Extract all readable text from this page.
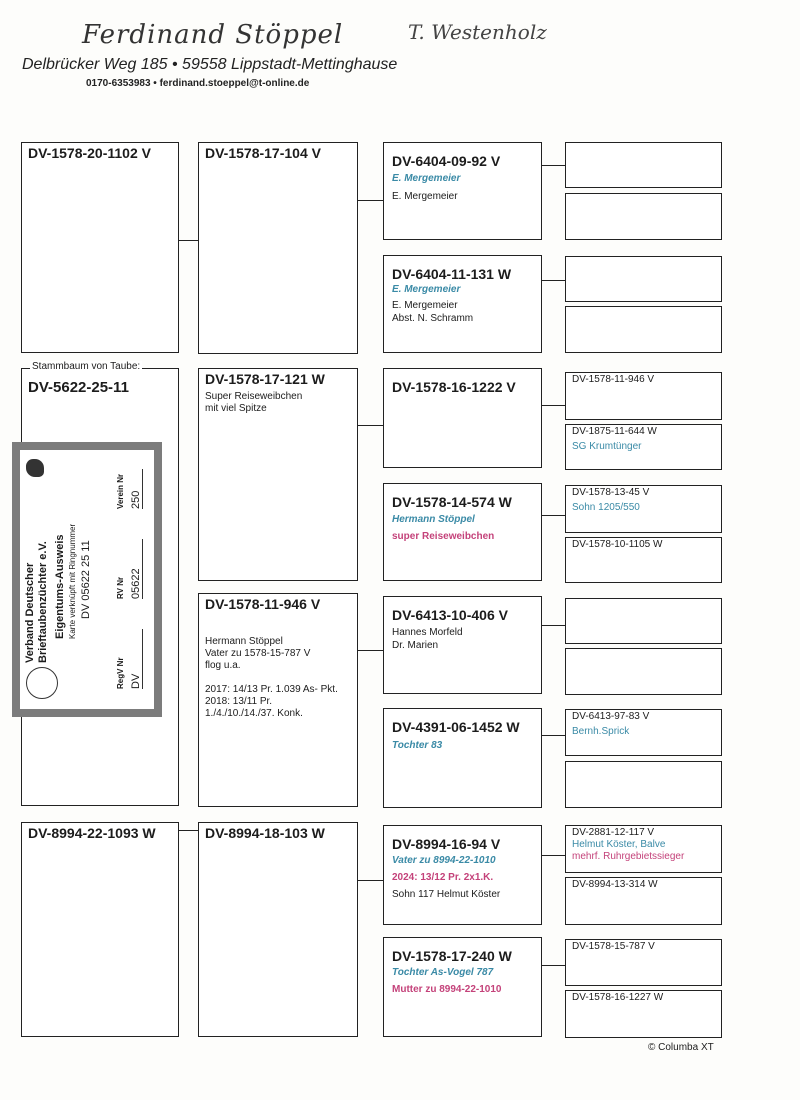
Ferdinand Stöppel	T. Westenholz
Delbrücker Weg 185 • 59558 Lippstadt-Mettinghause
0170-6353983 • ferdinand.stoeppel@t-online.de
DV-1578-20-1102 V
Stammbaum von Taube:
DV-5622-25-11
DV-8994-22-1093 W
Verband Deutscher Brieftaubenzüchter e.V. Eigentums-Ausweis Karte verknüpft mit Ringnummer DV 05622 25 11
RegV Nr
RV Nr
Verein Nr
DV
05622
250
DV-1578-17-104 V
DV-1578-17-121 W
Super Reiseweibchen
mit viel Spitze
DV-1578-11-946 V
Hermann Stöppel
Vater zu 1578-15-787 V
flog u.a.
2017: 14/13 Pr. 1.039 As- Pkt.
2018: 13/11 Pr.
1./4./10./14./37. Konk.
DV-8994-18-103 W
DV-6404-09-92 V
E. Mergemeier
E. Mergemeier
DV-6404-11-131 W
E. Mergemeier
E. Mergemeier
Abst. N. Schramm
DV-1578-16-1222 V
DV-1578-14-574 W
Hermann Stöppel
super Reiseweibchen
DV-6413-10-406 V
Hannes Morfeld
Dr. Marien
DV-4391-06-1452 W
Tochter 83
DV-8994-16-94 V
Vater zu 8994-22-1010
2024: 13/12 Pr. 2x1.K.
Sohn 117 Helmut Köster
DV-1578-17-240 W
Tochter As-Vogel 787
Mutter zu 8994-22-1010
DV-1578-11-946 V
DV-1875-11-644 W
SG Krumtünger
DV-1578-13-45 V
Sohn 1205/550
DV-1578-10-1105 W
DV-6413-97-83 V
Bernh.Sprick
DV-2881-12-117 V
Helmut Köster, Balve
mehrf. Ruhrgebietssieger
DV-8994-13-314 W
DV-1578-15-787 V
DV-1578-16-1227 W
© Columba XT
